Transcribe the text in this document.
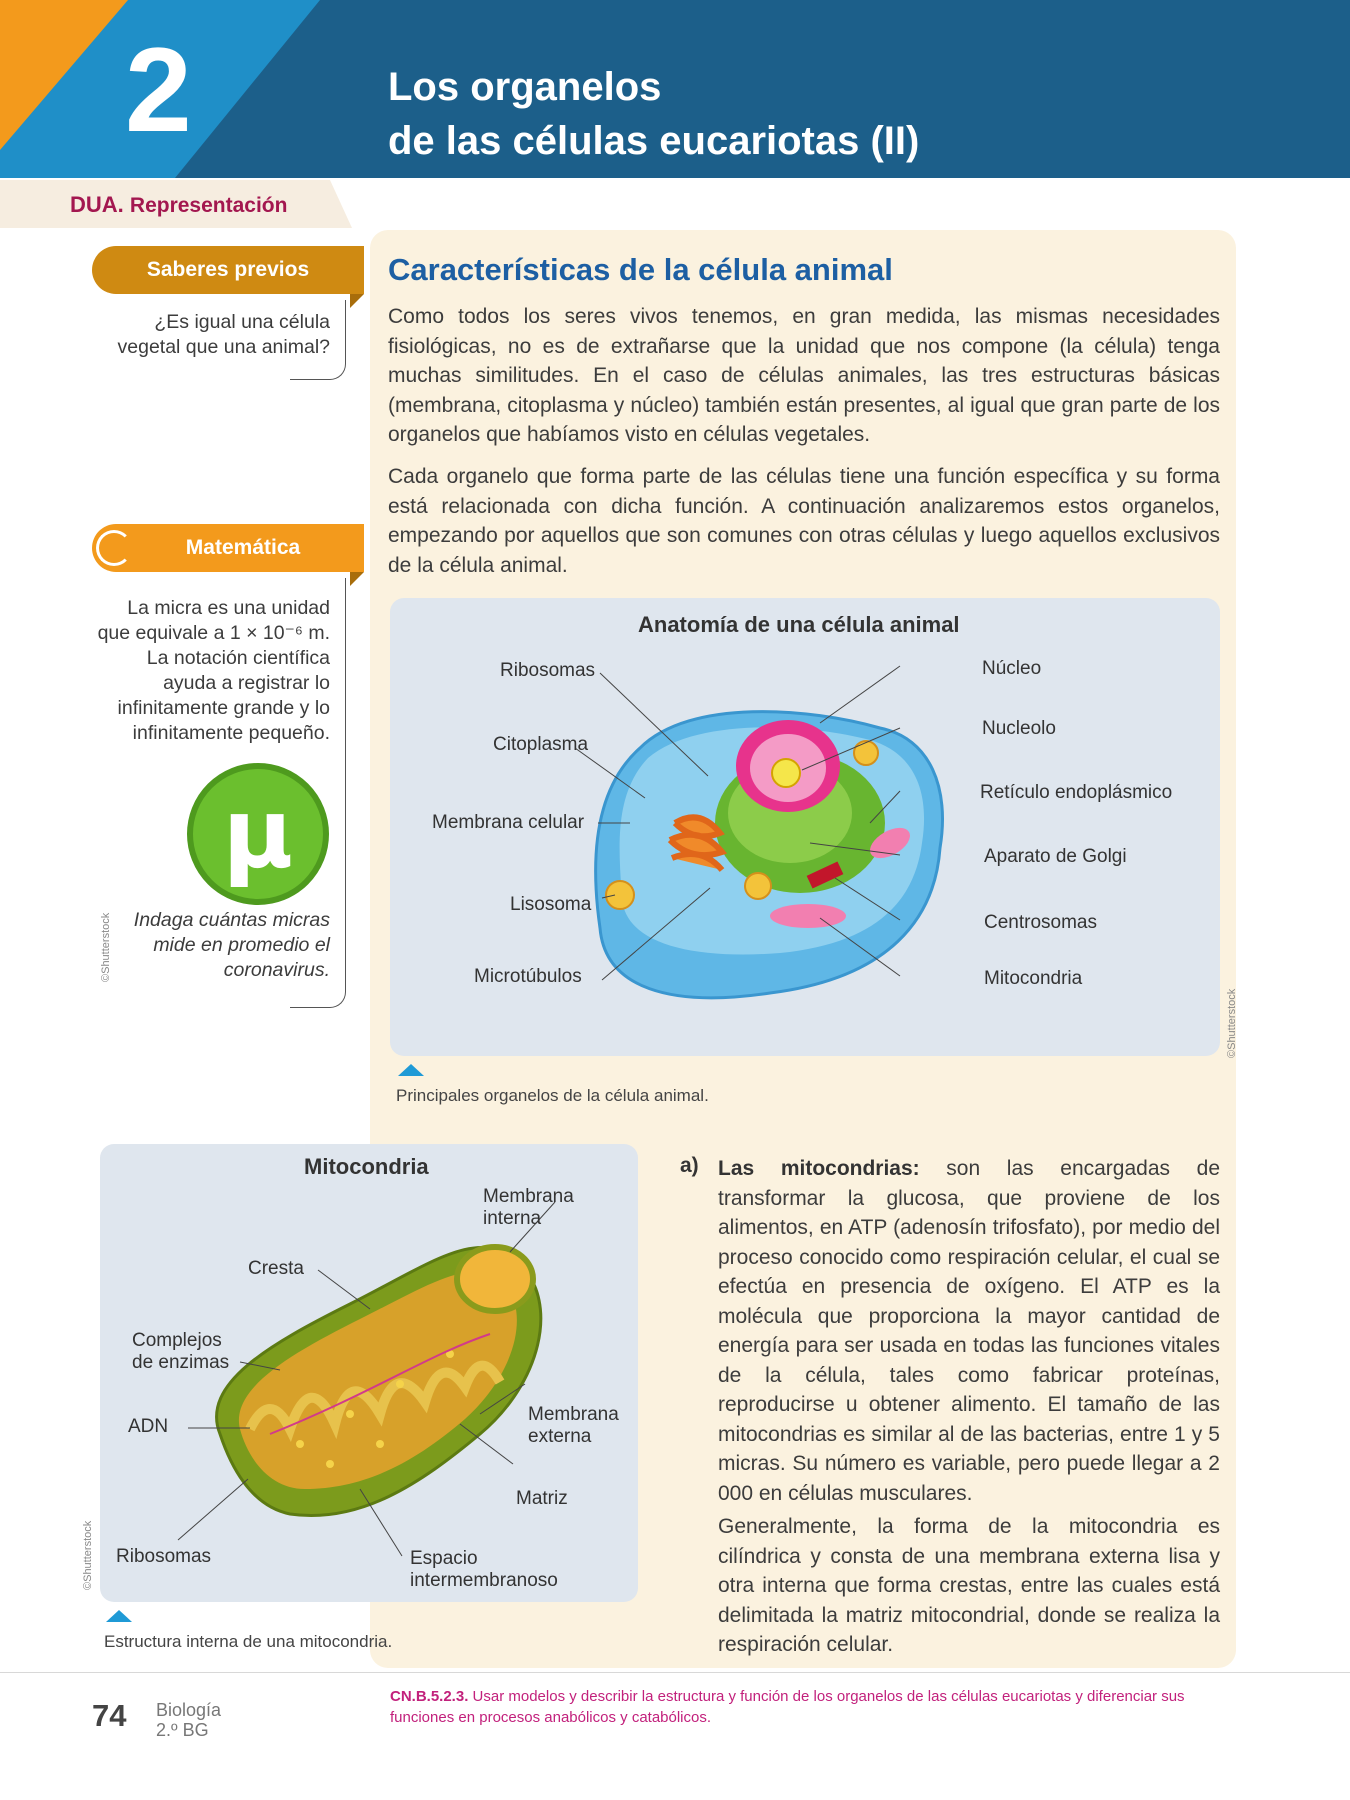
2	Los organelos
de las células eucariotas (II)
DUA. Representación
Saberes previos
¿Es igual una célula
vegetal que una animal?
Matemática
La micra es una unidad
que equivale a 1 × 10⁻⁶ m.
La notación científica
ayuda a registrar lo
infinitamente grande y lo
infinitamente pequeño.
µ
Indaga cuántas micras
mide en promedio el
coronavirus.
©Shutterstock
Características de la célula animal
Como todos los seres vivos tenemos, en gran medida, las mismas necesidades fisiológicas, no es de extrañarse que la unidad que nos compone (la célula) tenga muchas similitudes. En el caso de células animales, las tres estructuras básicas (membrana, citoplasma y núcleo) también están presentes, al igual que gran parte de los organelos que habíamos visto en células vegetales.
Cada organelo que forma parte de las células tiene una función específica y su forma está relacionada con dicha función. A continuación analizaremos estos organelos, empezando por aquellos que son comunes con otras células y luego aquellos exclusivos de la célula animal.
Anatomía de una célula animal
Ribosomas
Citoplasma
Membrana celular
Lisosoma
Microtúbulos
Núcleo
Nucleolo
Retículo endoplásmico
Aparato de Golgi
Centrosomas
Mitocondria
©Shutterstock
Principales organelos de la célula animal.
Mitocondria
Membrana
interna
Cresta
Complejos
de enzimas
ADN
Membrana
externa
Matriz
Ribosomas	Espacio
intermembranoso
©Shutterstock
Estructura interna de una mitocondria.
a) Las mitocondrias: son las encargadas de transformar la glucosa, que proviene de los alimentos, en ATP (adenosín trifosfato), por medio del proceso conocido como respiración celular, el cual se efectúa en presencia de oxígeno. El ATP es la molécula que proporciona la mayor cantidad de energía para ser usada en todas las funciones vitales de la célula, tales como fabricar proteínas, reproducirse u obtener alimento. El tamaño de las mitocondrias es similar al de las bacterias, entre 1 y 5 micras. Su número es variable, pero puede llegar a 2 000 en células musculares.
Generalmente, la forma de la mitocondria es cilíndrica y consta de una membrana externa lisa y otra interna que forma crestas, entre las cuales está delimitada la matriz mitocondrial, donde se realiza la respiración celular.
74 Biología
2.º BG
CN.B.5.2.3. Usar modelos y describir la estructura y función de los organelos de las células eucariotas y diferenciar sus funciones en procesos anabólicos y catabólicos.
